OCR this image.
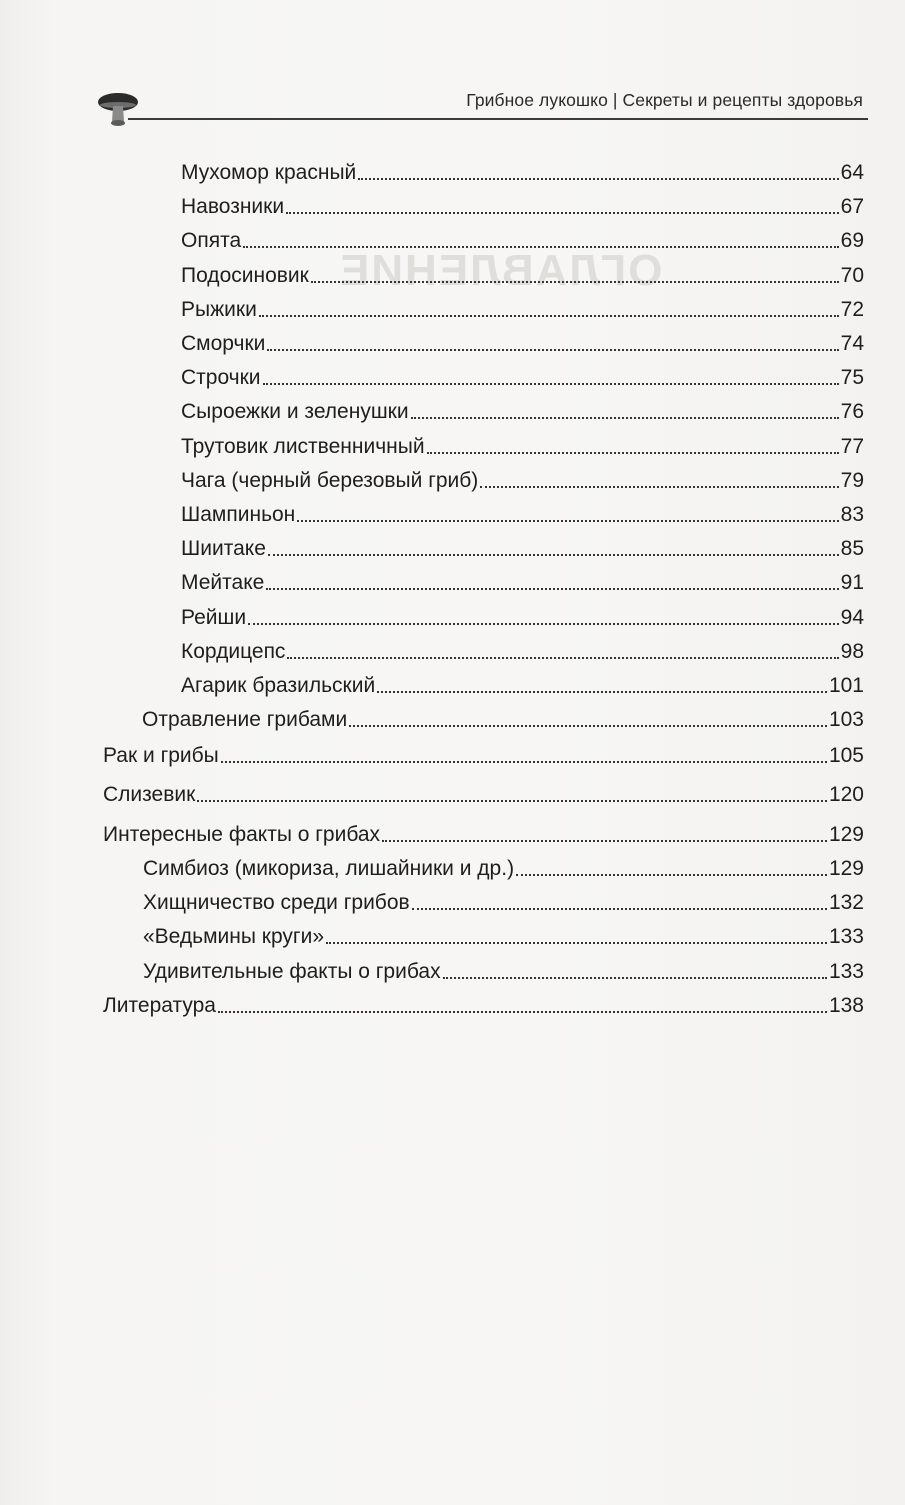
ОГЛАВЛЕНИЕ
Грибное лукошко | Секреты и рецепты здоровья
Мухомор красный	64
Навозники	67
Опята	69
Подосиновик	70
Рыжики	72
Сморчки	74
Строчки	75
Сыроежки и зеленушки	76
Трутовик лиственничный	77
Чага (черный березовый гриб)	79
Шампиньон	83
Шиитаке	85
Мейтаке	91
Рейши	94
Кордицепс	98
Агарик бразильский	101
Отравление грибами	103
Рак и грибы	105
Слизевик	120
Интересные факты о грибах	129
Симбиоз (микориза, лишайники и др.)	129
Хищничество среди грибов	132
«Ведьмины круги»	133
Удивительные факты о грибах	133
Литература	138
